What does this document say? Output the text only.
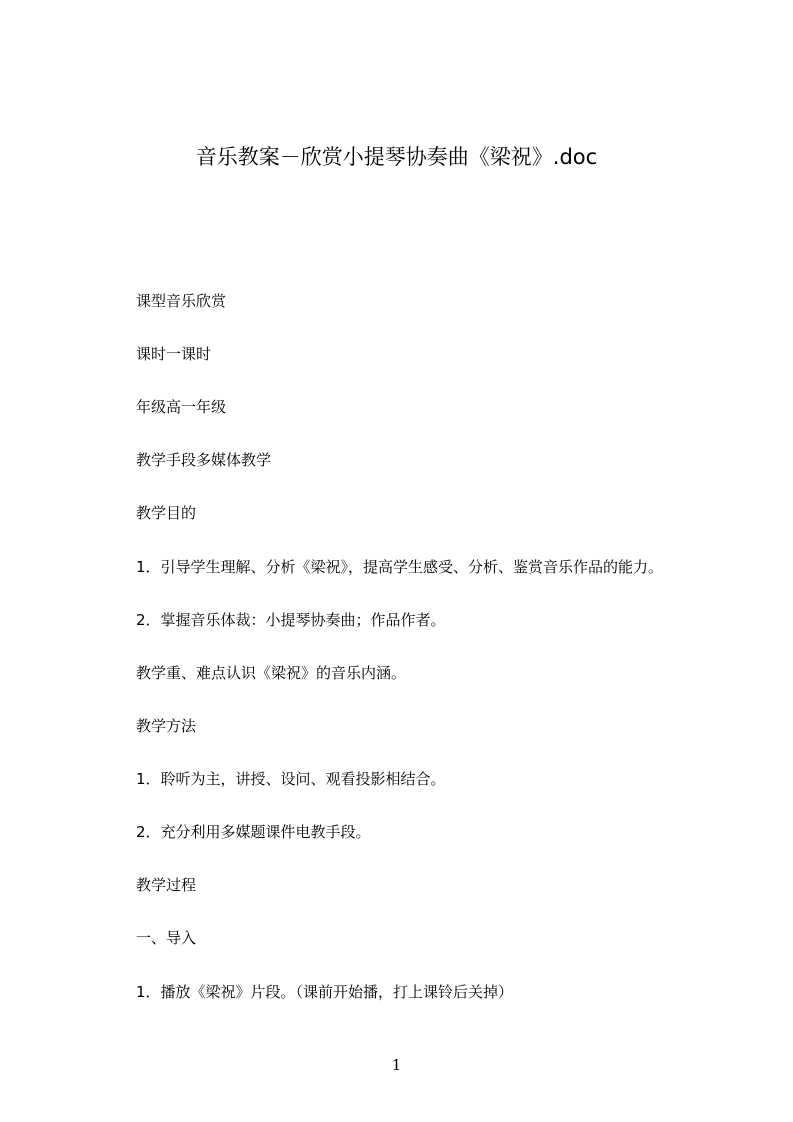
音乐教案－欣赏小提琴协奏曲《梁祝》.doc
课型音乐欣赏
课时一课时
年级高一年级
教学手段多媒体教学
教学目的
1．引导学生理解、分析《梁祝》，提高学生感受、分析、鉴赏音乐作品的能力。
2．掌握音乐体裁：小提琴协奏曲；作品作者。
教学重、难点认识《梁祝》的音乐内涵。
教学方法
1．聆听为主，讲授、设问、观看投影相结合。
2．充分利用多媒题课件电教手段。
教学过程
一、导入
1．播放《梁祝》片段。（课前开始播，打上课铃后关掉）
1
